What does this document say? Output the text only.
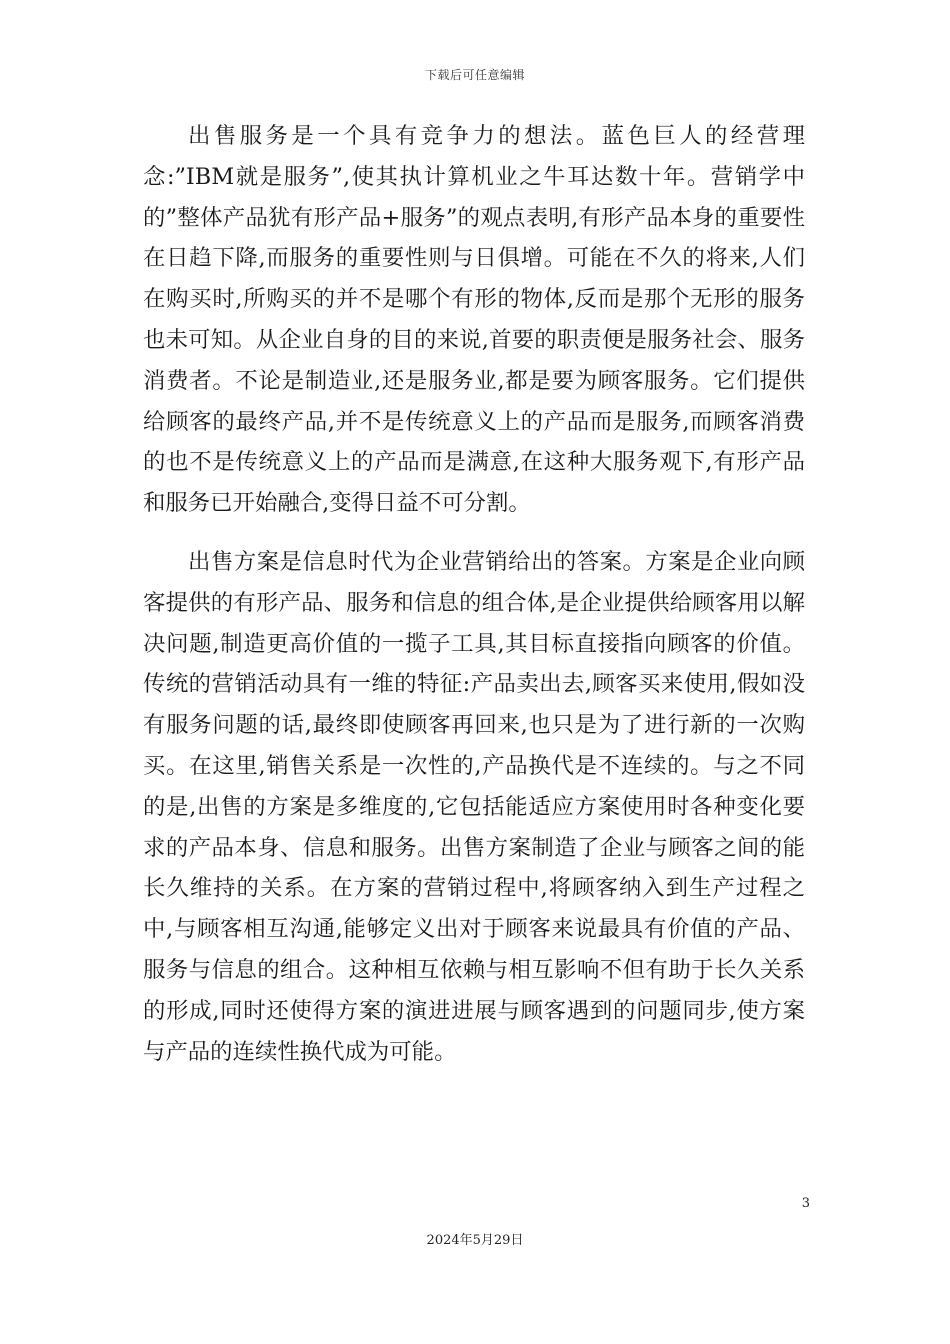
下载后可任意编辑

出售服务是一个具有竞争力的想法。蓝色巨人的经营理念:”IBM就是服务”,使其执计算机业之牛耳达数十年。营销学中的”整体产品犹有形产品+服务”的观点表明,有形产品本身的重要性在日趋下降,而服务的重要性则与日俱增。可能在不久的将来,人们在购买时,所购买的并不是哪个有形的物体,反而是那个无形的服务也未可知。从企业自身的目的来说,首要的职责便是服务社会、服务消费者。不论是制造业,还是服务业,都是要为顾客服务。它们提供给顾客的最终产品,并不是传统意义上的产品而是服务,而顾客消费的也不是传统意义上的产品而是满意,在这种大服务观下,有形产品和服务已开始融合,变得日益不可分割。

出售方案是信息时代为企业营销给出的答案。方案是企业向顾客提供的有形产品、服务和信息的组合体,是企业提供给顾客用以解决问题,制造更高价值的一揽子工具,其目标直接指向顾客的价值。传统的营销活动具有一维的特征:产品卖出去,顾客买来使用,假如没有服务问题的话,最终即使顾客再回来,也只是为了进行新的一次购买。在这里,销售关系是一次性的,产品换代是不连续的。与之不同的是,出售的方案是多维度的,它包括能适应方案使用时各种变化要求的产品本身、信息和服务。出售方案制造了企业与顾客之间的能长久维持的关系。在方案的营销过程中,将顾客纳入到生产过程之中,与顾客相互沟通,能够定义出对于顾客来说最具有价值的产品、服务与信息的组合。这种相互依赖与相互影响不但有助于长久关系的形成,同时还使得方案的演进进展与顾客遇到的问题同步,使方案与产品的连续性换代成为可能。

3
2024年5月29日
